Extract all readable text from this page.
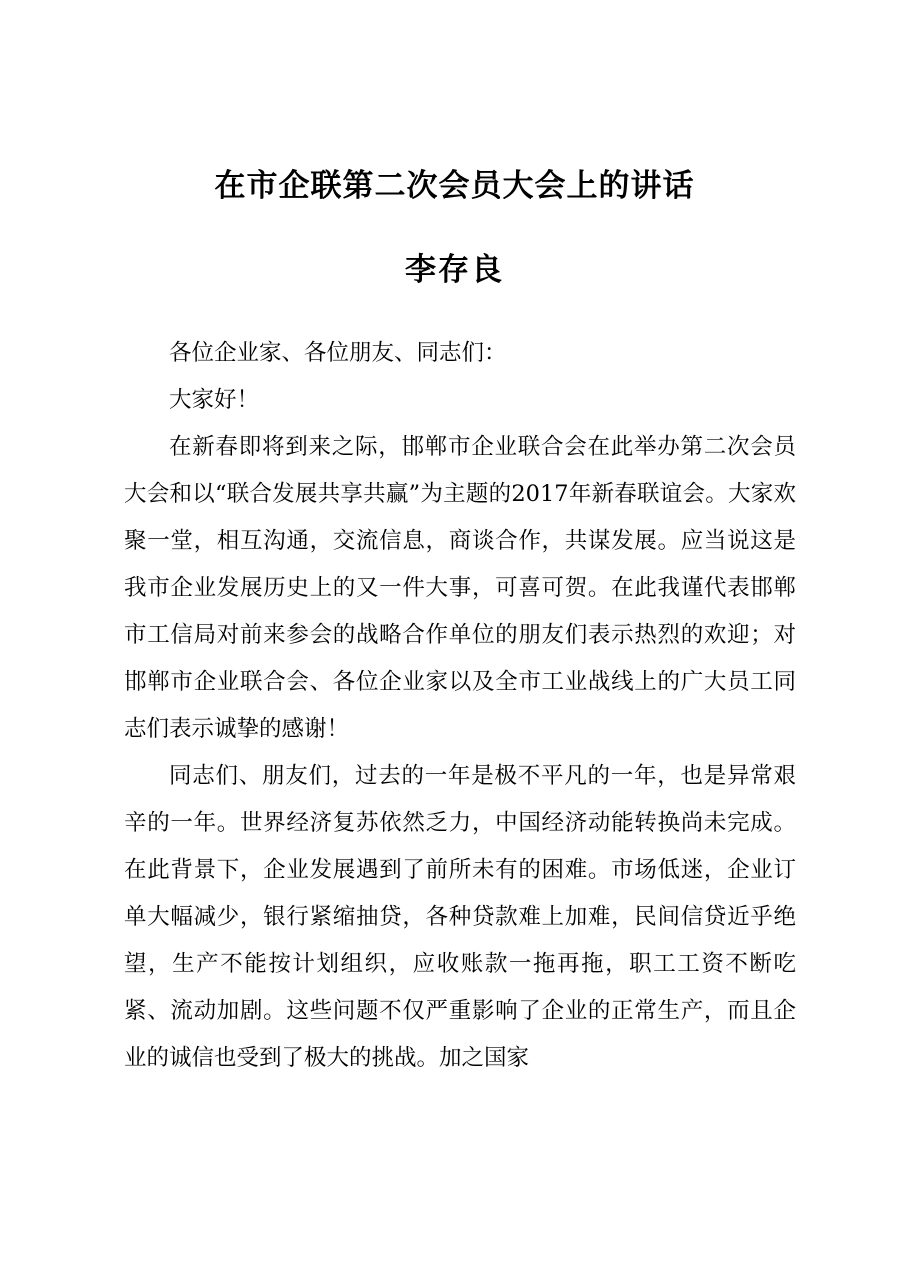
在市企联第二次会员大会上的讲话
李存良

各位企业家、各位朋友、同志们：

大家好！

在新春即将到来之际，邯郸市企业联合会在此举办第二次会员大会和以“联合发展共享共赢”为主题的2017年新春联谊会。大家欢聚一堂，相互沟通，交流信息，商谈合作，共谋发展。应当说这是我市企业发展历史上的又一件大事，可喜可贺。在此我谨代表邯郸市工信局对前来参会的战略合作单位的朋友们表示热烈的欢迎；对邯郸市企业联合会、各位企业家以及全市工业战线上的广大员工同志们表示诚挚的感谢！

同志们、朋友们，过去的一年是极不平凡的一年，也是异常艰辛的一年。世界经济复苏依然乏力，中国经济动能转换尚未完成。在此背景下，企业发展遇到了前所未有的困难。市场低迷，企业订单大幅减少，银行紧缩抽贷，各种贷款难上加难，民间信贷近乎绝望，生产不能按计划组织，应收账款一拖再拖，职工工资不断吃紧、流动加剧。这些问题不仅严重影响了企业的正常生产，而且企业的诚信也受到了极大的挑战。加之国家
